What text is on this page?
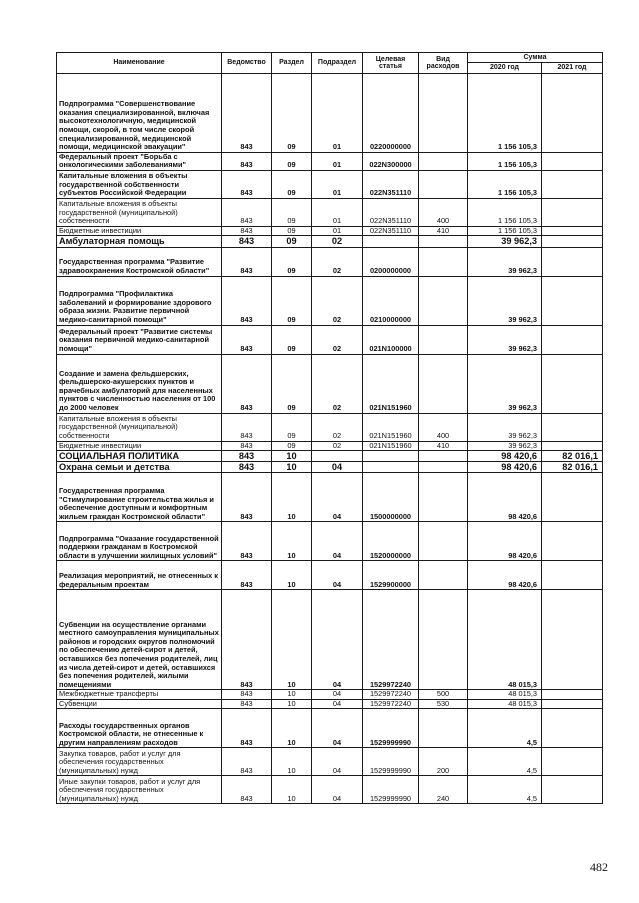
Наименование	Ведомство	Раздел	Подраздел	Целевая статья	Вид расходов	Сумма	
						2020 год	2021 год
Подпрограмма "Совершенствование оказания специализированной, включая высокотехнологичную, медицинской помощи, скорой, в том числе скорой специализированной, медицинской помощи, медицинской эвакуации"	843	09	01	0220000000		1 156 105,3	
Федеральный проект "Борьба с онкологическими заболеваниями"	843	09	01	022N300000		1 156 105,3	
Капитальные вложения в объекты государственной собственности субъектов Российской Федерации	843	09	01	022N351110		1 156 105,3	
Капитальные вложения в объекты государственной (муниципальной) собственности	843	09	01	022N351110	400	1 156 105,3	
Бюджетные инвестиции	843	09	01	022N351110	410	1 156 105,3	
Амбулаторная помощь	843	09	02			39 962,3	
Государственная программа "Развитие здравоохранения Костромской области"	843	09	02	0200000000		39 962,3	
Подпрограмма "Профилактика заболеваний и формирование здорового образа жизни. Развитие первичной медико-санитарной помощи"	843	09	02	0210000000		39 962,3	
Федеральный проект "Развитие системы оказания первичной медико-санитарной помощи"	843	09	02	021N100000		39 962,3	
Создание и замена фельдшерских, фельдшерско-акушерских пунктов и врачебных амбулаторий для населенных пунктов с численностью населения от 100 до 2000 человек	843	09	02	021N151960		39 962,3	
Капитальные вложения в объекты государственной (муниципальной) собственности	843	09	02	021N151960	400	39 962,3	
Бюджетные инвестиции	843	09	02	021N151960	410	39 962,3	
СОЦИАЛЬНАЯ ПОЛИТИКА	843	10				98 420,6	82 016,1
Охрана семьи и детства	843	10	04			98 420,6	82 016,1
Государственная программа "Стимулирование строительства жилья и обеспечение доступным и комфортным жильем граждан Костромской области"	843	10	04	1500000000		98 420,6	
Подпрограмма "Оказание государственной поддержки гражданам в Костромской области в улучшении жилищных условий"	843	10	04	1520000000		98 420,6	
Реализация мероприятий, не отнесенных к федеральным проектам	843	10	04	1529900000		98 420,6	
Субвенции на осуществление органами местного самоуправления муниципальных районов и городских округов полномочий по обеспечению детей-сирот и детей, оставшихся без попечения родителей, лиц из числа детей-сирот и детей, оставшихся без попечения родителей, жилыми помещениями	843	10	04	1529972240		48 015,3	
Межбюджетные трансферты	843	10	04	1529972240	500	48 015,3	
Субвенции	843	10	04	1529972240	530	48 015,3	
Расходы государственных органов Костромской области, не отнесенные к другим направлениям расходов	843	10	04	1529999990		4,5	
Закупка товаров, работ и услуг для обеспечения государственных (муниципальных) нужд	843	10	04	1529999990	200	4,5	
Иные закупки товаров, работ и услуг для обеспечения государственных (муниципальных) нужд	843	10	04	1529999990	240	4,5	
482
